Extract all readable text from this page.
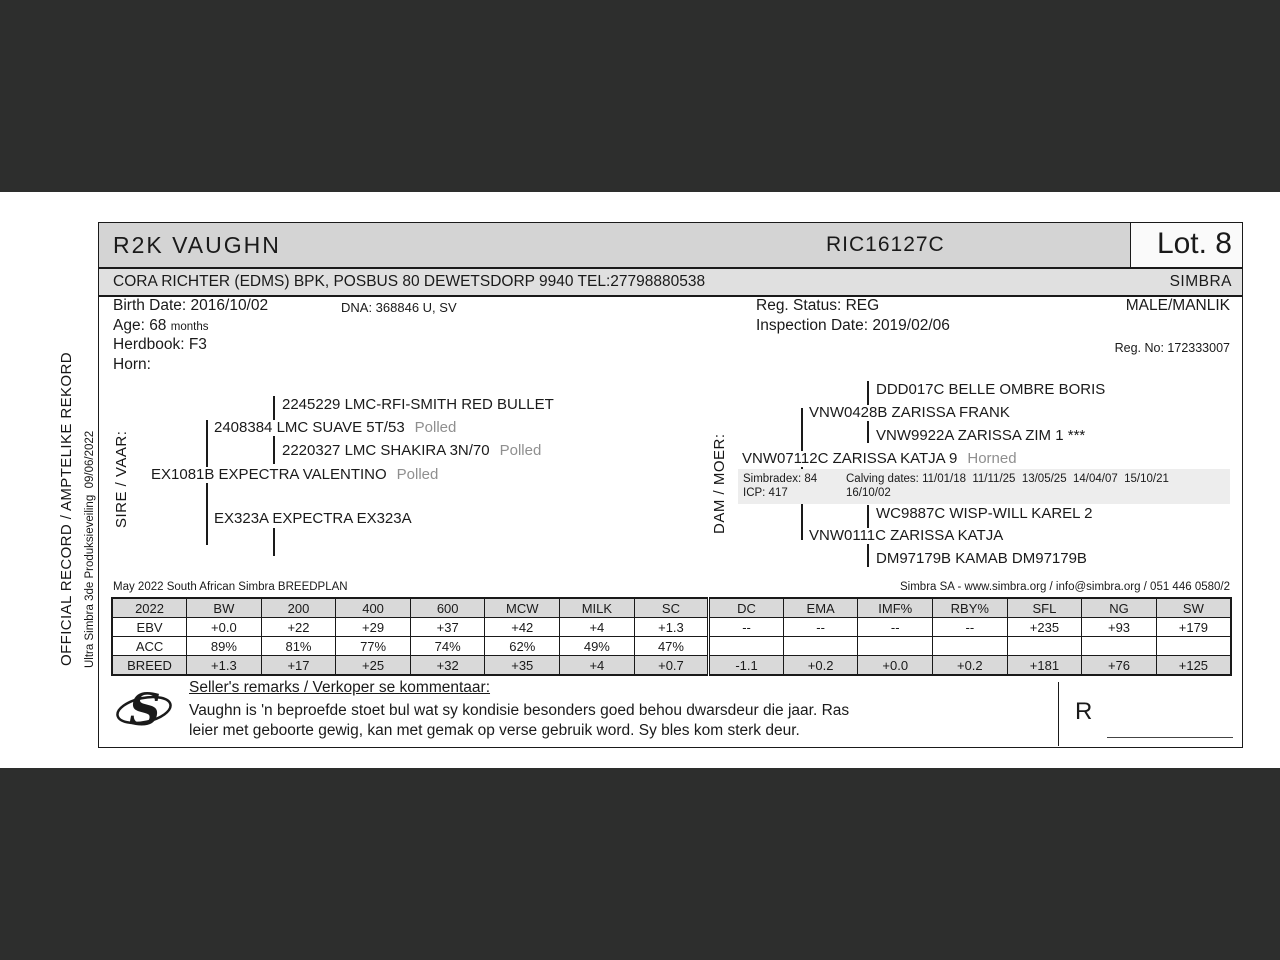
OFFICIAL RECORD / AMPTELIKE REKORD Ultra Simbra 3de Produksieveiling  09/06/2022
R2K VAUGHN	RIC16127C	Lot. 8
CORA RICHTER (EDMS) BPK, POSBUS 80 DEWETSDORP 9940 TEL:27798880538	SIMBRA
Birth Date: 2016/10/02	DNA: 368846 U, SV	Reg. Status: REG	MALE/MANLIK
Age: 68 months	Inspection Date: 2019/02/06
Herdbook: F3	Reg. No: 172333007
Horn:
SIRE / VAAR:
2245229 LMC-RFI-SMITH RED BULLET
2408384 LMC SUAVE 5T/53 Polled
2220327 LMC SHAKIRA 3N/70 Polled
EX1081B EXPECTRA VALENTINO Polled
EX323A EXPECTRA EX323A	DAM / MOER:
DDD017C BELLE OMBRE BORIS
VNW0428B ZARISSA FRANK
VNW9922A ZARISSA ZIM 1 ***
VNW07112C ZARISSA KATJA 9 Horned
Simbradex: 84	Calving dates: 11/01/18  11/11/25  13/05/25  14/04/07  15/10/21
ICP: 417	16/10/02
WC9887C WISP-WILL KAREL 2
VNW0111C ZARISSA KATJA
DM97179B KAMAB DM97179B
May 2022 South African Simbra BREEDPLAN	Simbra SA - www.simbra.org / info@simbra.org / 051 446 0580/2
2022	BW	200	400	600	MCW	MILK	SC	DC	EMA	IMF%	RBY%	SFL	NG	SW
EBV	+0.0	+22	+29	+37	+42	+4	+1.3	--	--	--	--	+235	+93	+179
ACC	89%	81%	77%	74%	62%	49%	47%							
BREED	+1.3	+17	+25	+32	+35	+4	+0.7	-1.1	+0.2	+0.0	+0.2	+181	+76	+125
S Seller's remarks / Verkoper se kommentaar:
Vaughn is 'n beproefde stoet bul wat sy kondisie besonders goed behou dwarsdeur die jaar. Ras
leier met geboorte gewig, kan met gemak op verse gebruik word. Sy bles kom sterk deur.
R
